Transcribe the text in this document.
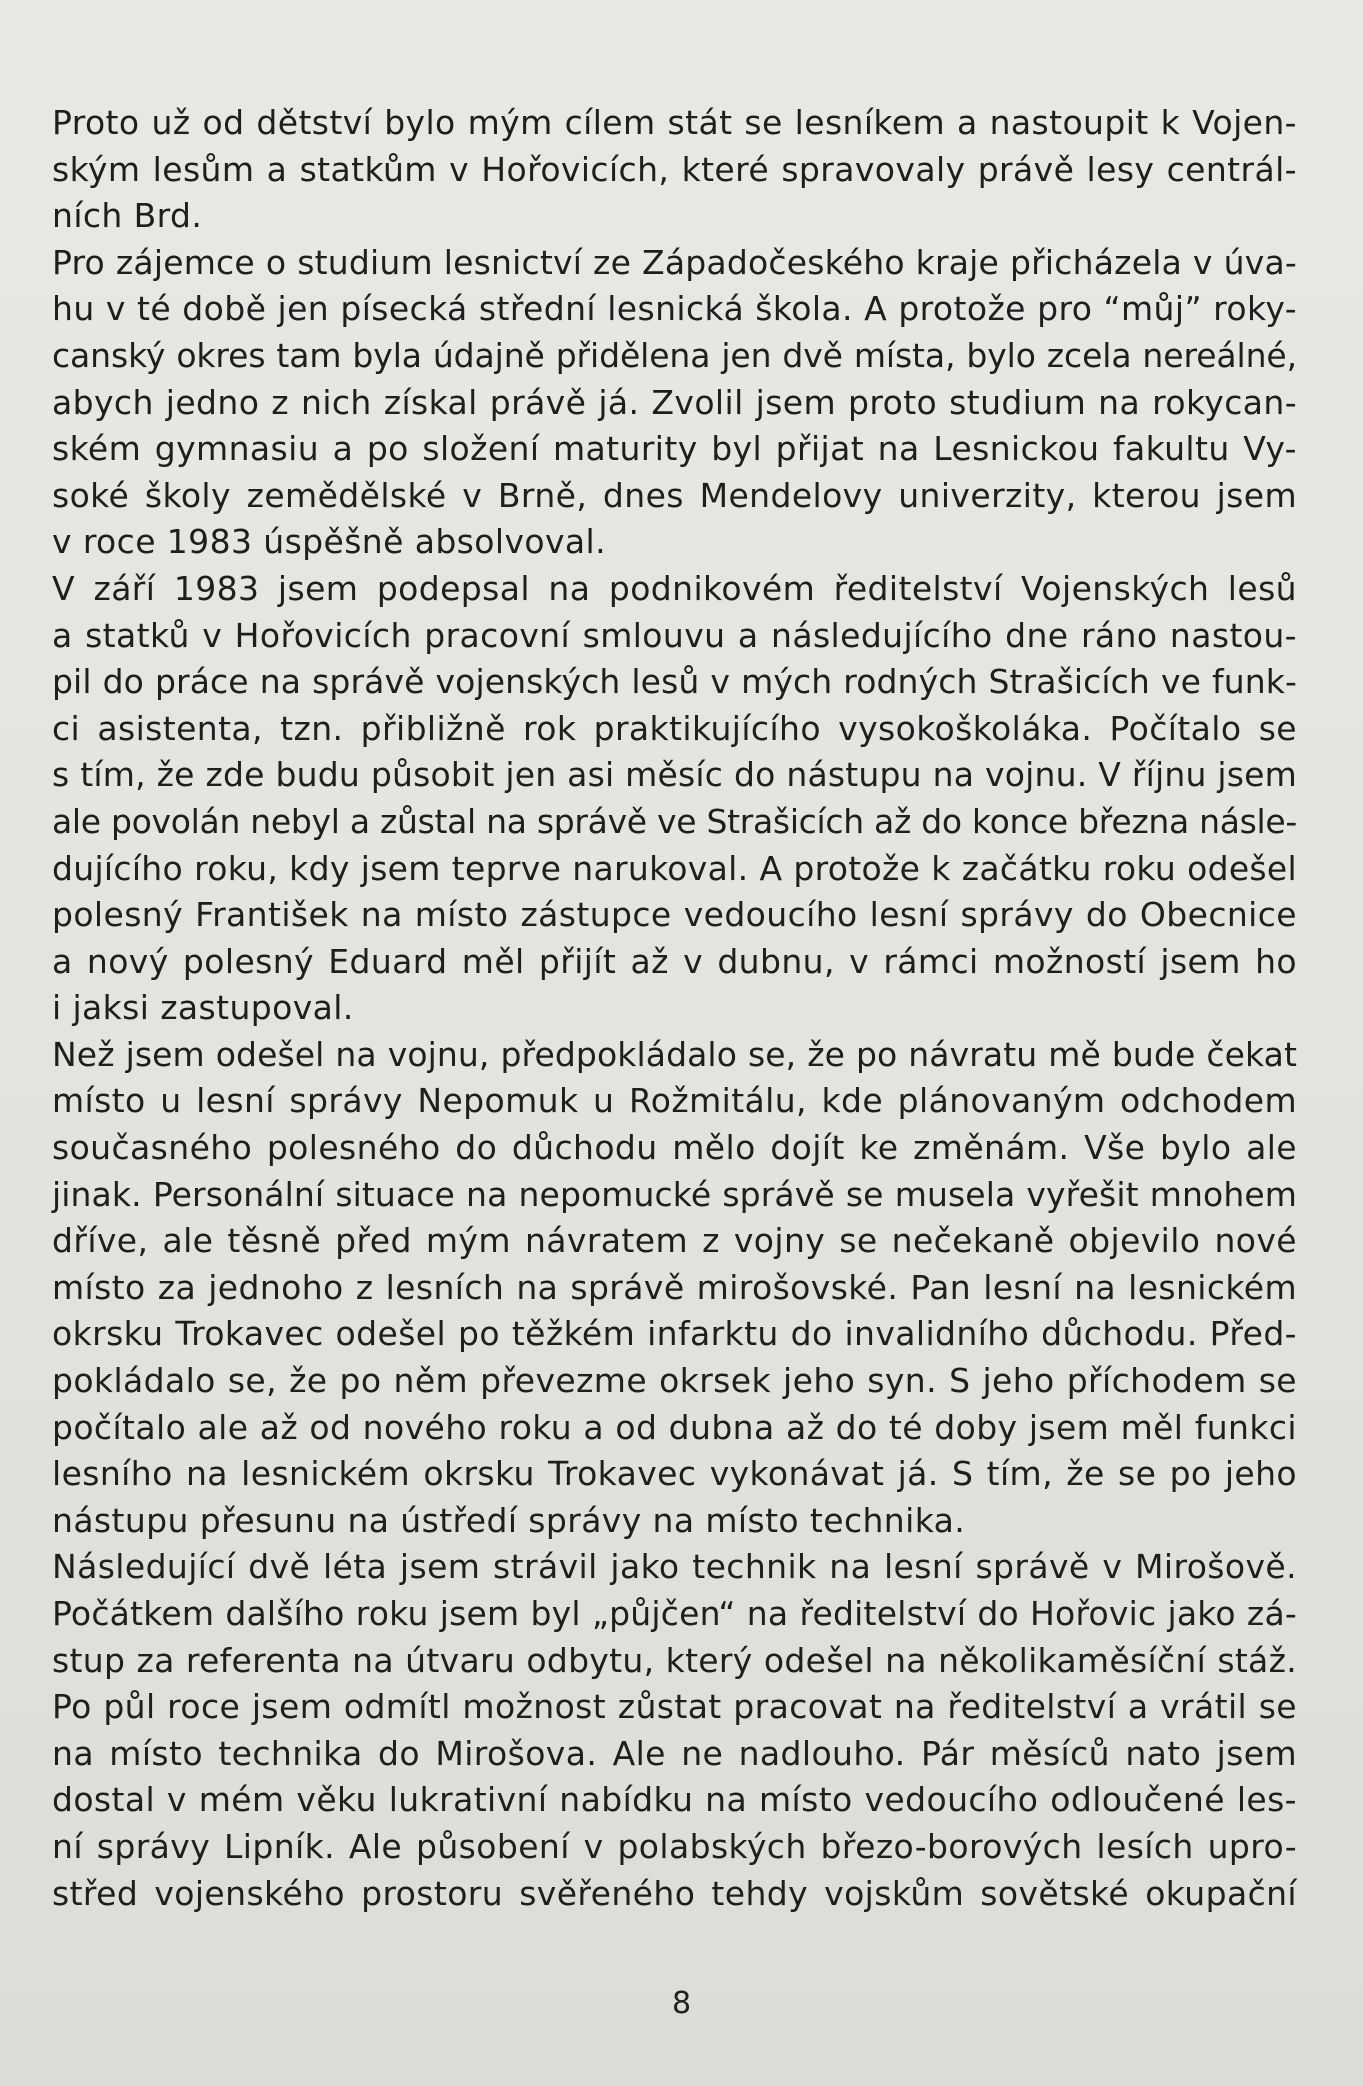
Proto už od dětství bylo mým cílem stát se lesníkem a nastoupit k Vojen-
ským lesům a statkům v Hořovicích, které spravovaly právě lesy centrál-
ních Brd.
Pro zájemce o studium lesnictví ze Západočeského kraje přicházela v úva-
hu v té době jen písecká střední lesnická škola. A protože pro “můj” roky-
canský okres tam byla údajně přidělena jen dvě místa, bylo zcela nereálné,
abych jedno z nich získal právě já. Zvolil jsem proto studium na rokycan-
ském gymnasiu a po složení maturity byl přijat na Lesnickou fakultu Vy-
soké školy zemědělské v Brně, dnes Mendelovy univerzity, kterou jsem
v roce 1983 úspěšně absolvoval.
V září 1983 jsem podepsal na podnikovém ředitelství Vojenských lesů
a statků v Hořovicích pracovní smlouvu a následujícího dne ráno nastou-
pil do práce na správě vojenských lesů v mých rodných Strašicích ve funk-
ci asistenta, tzn. přibližně rok praktikujícího vysokoškoláka. Počítalo se
s tím, že zde budu působit jen asi měsíc do nástupu na vojnu. V říjnu jsem
ale povolán nebyl a zůstal na správě ve Strašicích až do konce března násle-
dujícího roku, kdy jsem teprve narukoval. A protože k začátku roku odešel
polesný František na místo zástupce vedoucího lesní správy do Obecnice
a nový polesný Eduard měl přijít až v dubnu, v rámci možností jsem ho
i jaksi zastupoval.
Než jsem odešel na vojnu, předpokládalo se, že po návratu mě bude čekat
místo u lesní správy Nepomuk u Rožmitálu, kde plánovaným odchodem
současného polesného do důchodu mělo dojít ke změnám. Vše bylo ale
jinak. Personální situace na nepomucké správě se musela vyřešit mnohem
dříve, ale těsně před mým návratem z vojny se nečekaně objevilo nové
místo za jednoho z lesních na správě mirošovské. Pan lesní na lesnickém
okrsku Trokavec odešel po těžkém infarktu do invalidního důchodu. Před-
pokládalo se, že po něm převezme okrsek jeho syn. S jeho příchodem se
počítalo ale až od nového roku a od dubna až do té doby jsem měl funkci
lesního na lesnickém okrsku Trokavec vykonávat já. S tím, že se po jeho
nástupu přesunu na ústředí správy na místo technika.
Následující dvě léta jsem strávil jako technik na lesní správě v Mirošově.
Počátkem dalšího roku jsem byl „půjčen“ na ředitelství do Hořovic jako zá-
stup za referenta na útvaru odbytu, který odešel na několikaměsíční stáž.
Po půl roce jsem odmítl možnost zůstat pracovat na ředitelství a vrátil se
na místo technika do Mirošova. Ale ne nadlouho. Pár měsíců nato jsem
dostal v mém věku lukrativní nabídku na místo vedoucího odloučené les-
ní správy Lipník. Ale působení v polabských březo-borových lesích upro-
střed vojenského prostoru svěřeného tehdy vojskům sovětské okupační
8
